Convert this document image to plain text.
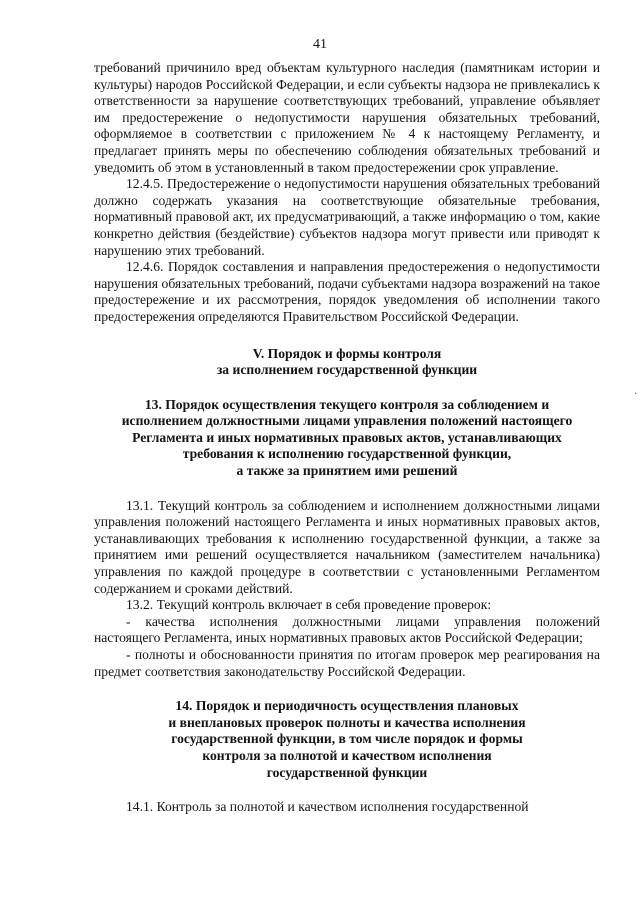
41
.

требований причинило вред объектам культурного наследия (памятникам истории и культуры) народов Российской Федерации, и если субъекты надзора не привлекались к ответственности за нарушение соответствующих требований, управление объявляет им предостережение о недопустимости нарушения обязательных требований, оформляемое в соответствии с приложением № 4 к настоящему Регламенту, и предлагает принять меры по обеспечению соблюдения обязательных требований и уведомить об этом в установленный в таком предостережении срок управление.

12.4.5. Предостережение о недопустимости нарушения обязательных требований должно содержать указания на соответствующие обязательные требования, нормативный правовой акт, их предусматривающий, а также информацию о том, какие конкретно действия (бездействие) субъектов надзора могут привести или приводят к нарушению этих требований.

12.4.6. Порядок составления и направления предостережения о недопустимости нарушения обязательных требований, подачи субъектами надзора возражений на такое предостережение и их рассмотрения, порядок уведомления об исполнении такого предостережения определяются Правительством Российской Федерации.

V. Порядок и формы контроля

за исполнением государственной функции

13. Порядок осуществления текущего контроля за соблюдением и

исполнением должностными лицами управления положений настоящего

Регламента и иных нормативных правовых актов, устанавливающих

требования к исполнению государственной функции,

а также за принятием ими решений

13.1. Текущий контроль за соблюдением и исполнением должностными лицами управления положений настоящего Регламента и иных нормативных правовых актов, устанавливающих требования к исполнению государственной функции, а также за принятием ими решений осуществляется начальником (заместителем начальника) управления по каждой процедуре в соответствии с установленными Регламентом содержанием и сроками действий.

13.2. Текущий контроль включает в себя проведение проверок:

- качества исполнения должностными лицами управления положений настоящего Регламента, иных нормативных правовых актов Российской Федерации;

- полноты и обоснованности принятия по итогам проверок мер реагирования на предмет соответствия законодательству Российской Федерации.

14. Порядок и периодичность осуществления плановых

и внеплановых проверок полноты и качества исполнения

государственной функции, в том числе порядок и формы

контроля за полнотой и качеством исполнения

государственной функции

14.1. Контроль за полнотой и качеством исполнения государственной
